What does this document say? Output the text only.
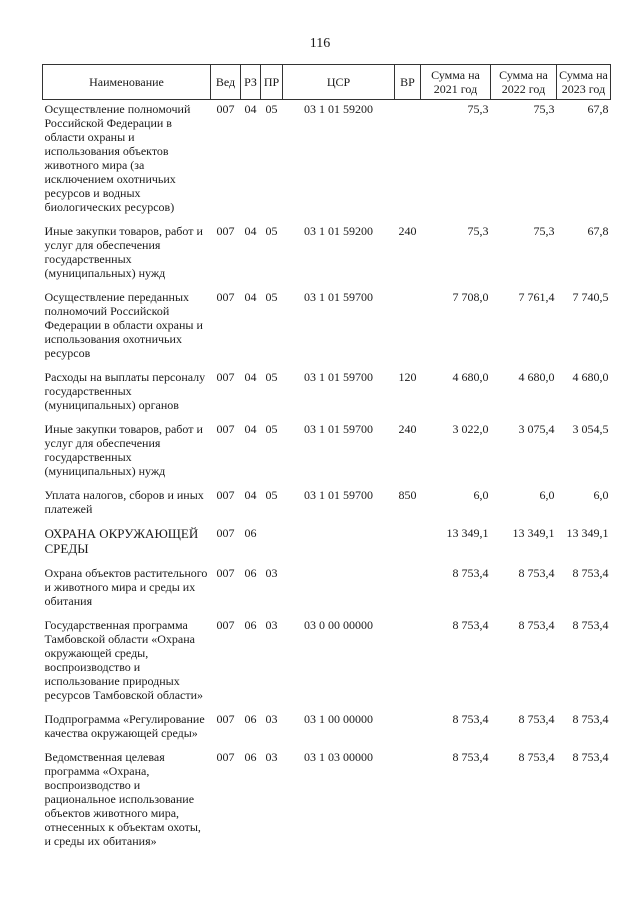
116
Наименование	Вед	РЗ	ПР	ЦСР	ВР	Сумма на 2021 год	Сумма на 2022 год	Сумма на 2023 год
Осуществление полномочий Российской Федерации в области охраны и использования объектов животного мира (за исключением охотничьих ресурсов и водных биологических ресурсов)	007	04	05	03 1 01 59200		75,3	75,3	67,8
Иные закупки товаров, работ и услуг для обеспечения государственных (муниципальных) нужд	007	04	05	03 1 01 59200	240	75,3	75,3	67,8
Осуществление переданных полномочий Российской Федерации в области охраны и использования охотничьих ресурсов	007	04	05	03 1 01 59700		7 708,0	7 761,4	7 740,5
Расходы на выплаты персоналу государственных (муниципальных) органов	007	04	05	03 1 01 59700	120	4 680,0	4 680,0	4 680,0
Иные закупки товаров, работ и услуг для обеспечения государственных (муниципальных) нужд	007	04	05	03 1 01 59700	240	3 022,0	3 075,4	3 054,5
Уплата налогов, сборов и иных платежей	007	04	05	03 1 01 59700	850	6,0	6,0	6,0
ОХРАНА ОКРУЖАЮЩЕЙ СРЕДЫ	007	06				13 349,1	13 349,1	13 349,1
Охрана объектов растительного и животного мира и среды их обитания	007	06	03			8 753,4	8 753,4	8 753,4
Государственная программа Тамбовской области «Охрана окружающей среды, воспроизводство и использование природных ресурсов Тамбовской области»	007	06	03	03 0 00 00000		8 753,4	8 753,4	8 753,4
Подпрограмма «Регулирование качества окружающей среды»	007	06	03	03 1 00 00000		8 753,4	8 753,4	8 753,4
Ведомственная целевая программа «Охрана, воспроизводство и рациональное использование объектов животного мира, отнесенных к объектам охоты, и среды их обитания»	007	06	03	03 1 03 00000		8 753,4	8 753,4	8 753,4
